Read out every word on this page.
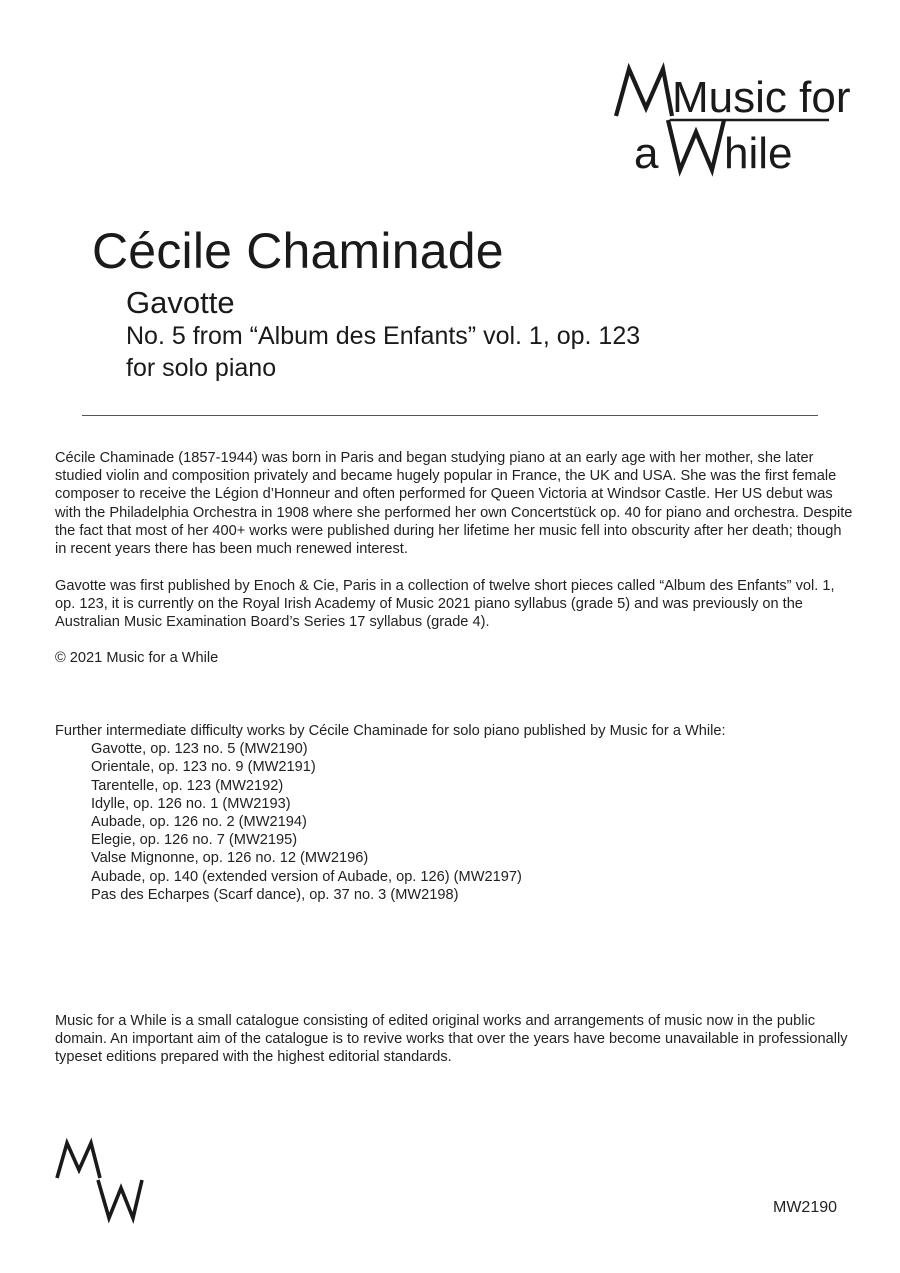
Music for
a hile
Cécile Chaminade
Gavotte
No. 5 from “Album des Enfants” vol. 1, op. 123
for solo piano
Cécile Chaminade (1857-1944) was born in Paris and began studying piano at an early age with her mother, she later studied violin and composition privately and became hugely popular in France, the UK and USA. She was the first female composer to receive the Légion d’Honneur and often performed for Queen Victoria at Windsor Castle. Her US debut was with the Philadelphia Orchestra in 1908 where she performed her own Concertstück op. 40 for piano and orchestra. Despite the fact that most of her 400+ works were published during her lifetime her music fell into obscurity after her death; though in recent years there has been much renewed interest.
Gavotte was first published by Enoch & Cie, Paris in a collection of twelve short pieces called “Album des Enfants” vol. 1, op. 123, it is currently on the Royal Irish Academy of Music 2021 piano syllabus (grade 5) and was previously on the Australian Music Examination Board’s Series 17 syllabus (grade 4).
© 2021 Music for a While
Further intermediate difficulty works by Cécile Chaminade for solo piano published by Music for a While:
Gavotte, op. 123 no. 5 (MW2190)
Orientale, op. 123 no. 9 (MW2191)
Tarentelle, op. 123 (MW2192)
Idylle, op. 126 no. 1 (MW2193)
Aubade, op. 126 no. 2 (MW2194)
Elegie, op. 126 no. 7 (MW2195)
Valse Mignonne, op. 126 no. 12 (MW2196)
Aubade, op. 140 (extended version of Aubade, op. 126) (MW2197)
Pas des Echarpes (Scarf dance), op. 37 no. 3 (MW2198)
Music for a While is a small catalogue consisting of edited original works and arrangements of music now in the public domain. An important aim of the catalogue is to revive works that over the years have become unavailable in professionally typeset editions prepared with the highest editorial standards.
MW2190
